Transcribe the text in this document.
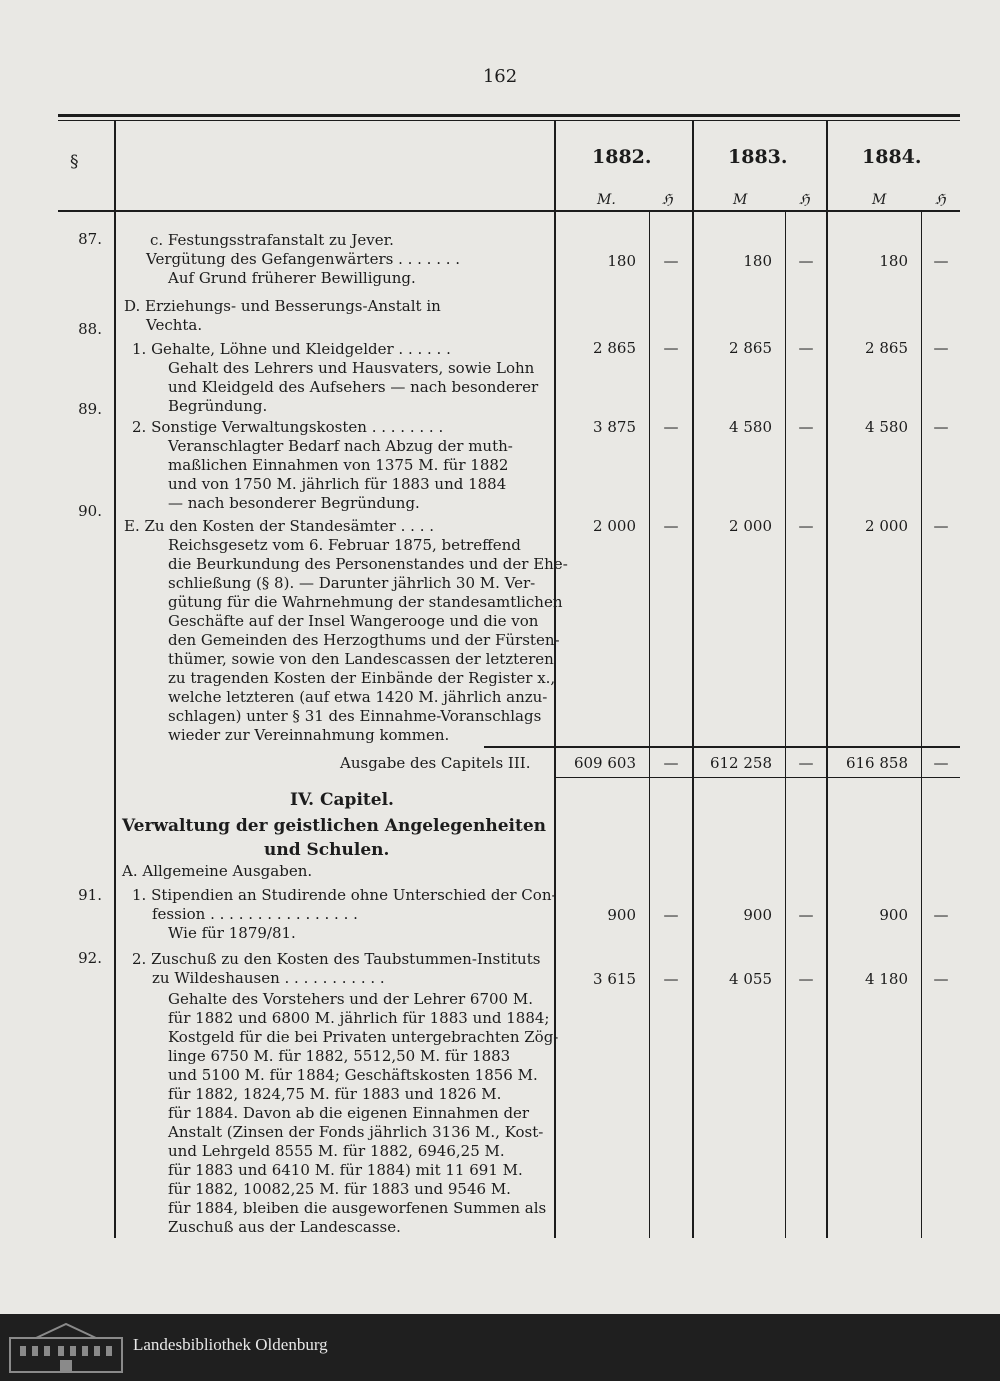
162
§	1882.	1883.	1884.
M.	ℌ	M	ℌ	M	ℌ
87.	c. Festungsstrafanstalt zu Jever.
Vergütung des Gefangenwärters . . . . . . .
Auf Grund früherer Bewilligung.
180	—	180	—	180	—
88.
D. Erziehungs- und Besserungs-Anstalt in
Vechta.
1. Gehalte, Löhne und Kleidgelder . . . . . .
Gehalt des Lehrers und Hausvaters, sowie Lohn
und Kleidgeld des Aufsehers — nach besonderer
Begründung.
2 865	—	2 865	—	2 865	—
89.
2. Sonstige Verwaltungskosten . . . . . . . .
Veranschlagter Bedarf nach Abzug der muth-
maßlichen Einnahmen von 1375 M. für 1882
und von 1750 M. jährlich für 1883 und 1884
— nach besonderer Begründung.
3 875	—	4 580	—	4 580	—
90.
E. Zu den Kosten der Standesämter . . . .
Reichsgesetz vom 6. Februar 1875, betreffend
die Beurkundung des Personenstandes und der Ehe-
schließung (§ 8). — Darunter jährlich 30 M. Ver-
gütung für die Wahrnehmung der standesamtlichen
Geschäfte auf der Insel Wangerooge und die von
den Gemeinden des Herzogthums und der Fürsten-
thümer, sowie von den Landescassen der letzteren
zu tragenden Kosten der Einbände der Register x.,
welche letzteren (auf etwa 1420 M. jährlich anzu-
schlagen) unter § 31 des Einnahme-Voranschlags
wieder zur Vereinnahmung kommen.
2 000	—	2 000	—	2 000	—
Ausgabe des Capitels III.	609 603	—	612 258	—	616 858	—
IV. Capitel.
Verwaltung der geistlichen Angelegenheiten
und Schulen.
A. Allgemeine Ausgaben.
91. 1. Stipendien an Studirende ohne Unterschied der Con-
fession . . . . . . . . . . . . . . . .
Wie für 1879/81.
900	—	900	—	900	—
92. 2. Zuschuß zu den Kosten des Taubstummen-Instituts
zu Wildeshausen . . . . . . . . . . .
Gehalte des Vorstehers und der Lehrer 6700 M.
für 1882 und 6800 M. jährlich für 1883 und 1884;
Kostgeld für die bei Privaten untergebrachten Zög-
linge 6750 M. für 1882, 5512,50 M. für 1883
und 5100 M. für 1884; Geschäftskosten 1856 M.
für 1882, 1824,75 M. für 1883 und 1826 M.
für 1884. Davon ab die eigenen Einnahmen der
Anstalt (Zinsen der Fonds jährlich 3136 M., Kost-
und Lehrgeld 8555 M. für 1882, 6946,25 M.
für 1883 und 6410 M. für 1884) mit 11 691 M.
für 1882, 10082,25 M. für 1883 und 9546 M.
für 1884, bleiben die ausgeworfenen Summen als
Zuschuß aus der Landescasse.
3 615	—	4 055	—	4 180	—
Landesbibliothek Oldenburg
